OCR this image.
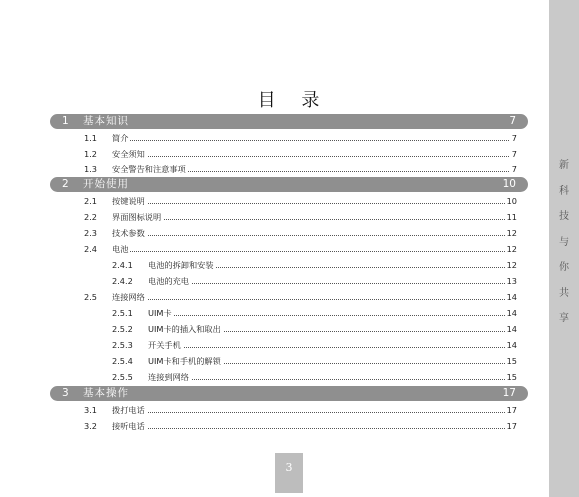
新
科
技
与
你
共
享
目 录
1 基本知识	7
1.1 简介	7
1.2 安全须知	7
1.3 安全警告和注意事项	7
2 开始使用	10
2.1 按键说明	10
2.2 界面图标说明	11
2.3 技术参数	12
2.4 电池	12
2.4.1 电池的拆卸和安装	12
2.4.2 电池的充电	13
2.5 连接网络	14
2.5.1 UIM卡	14
2.5.2 UIM卡的插入和取出	14
2.5.3 开关手机	14
2.5.4 UIM卡和手机的解锁	15
2.5.5 连接到网络	15
3 基本操作	17
3.1 拨打电话	17
3.2 接听电话	17
3
